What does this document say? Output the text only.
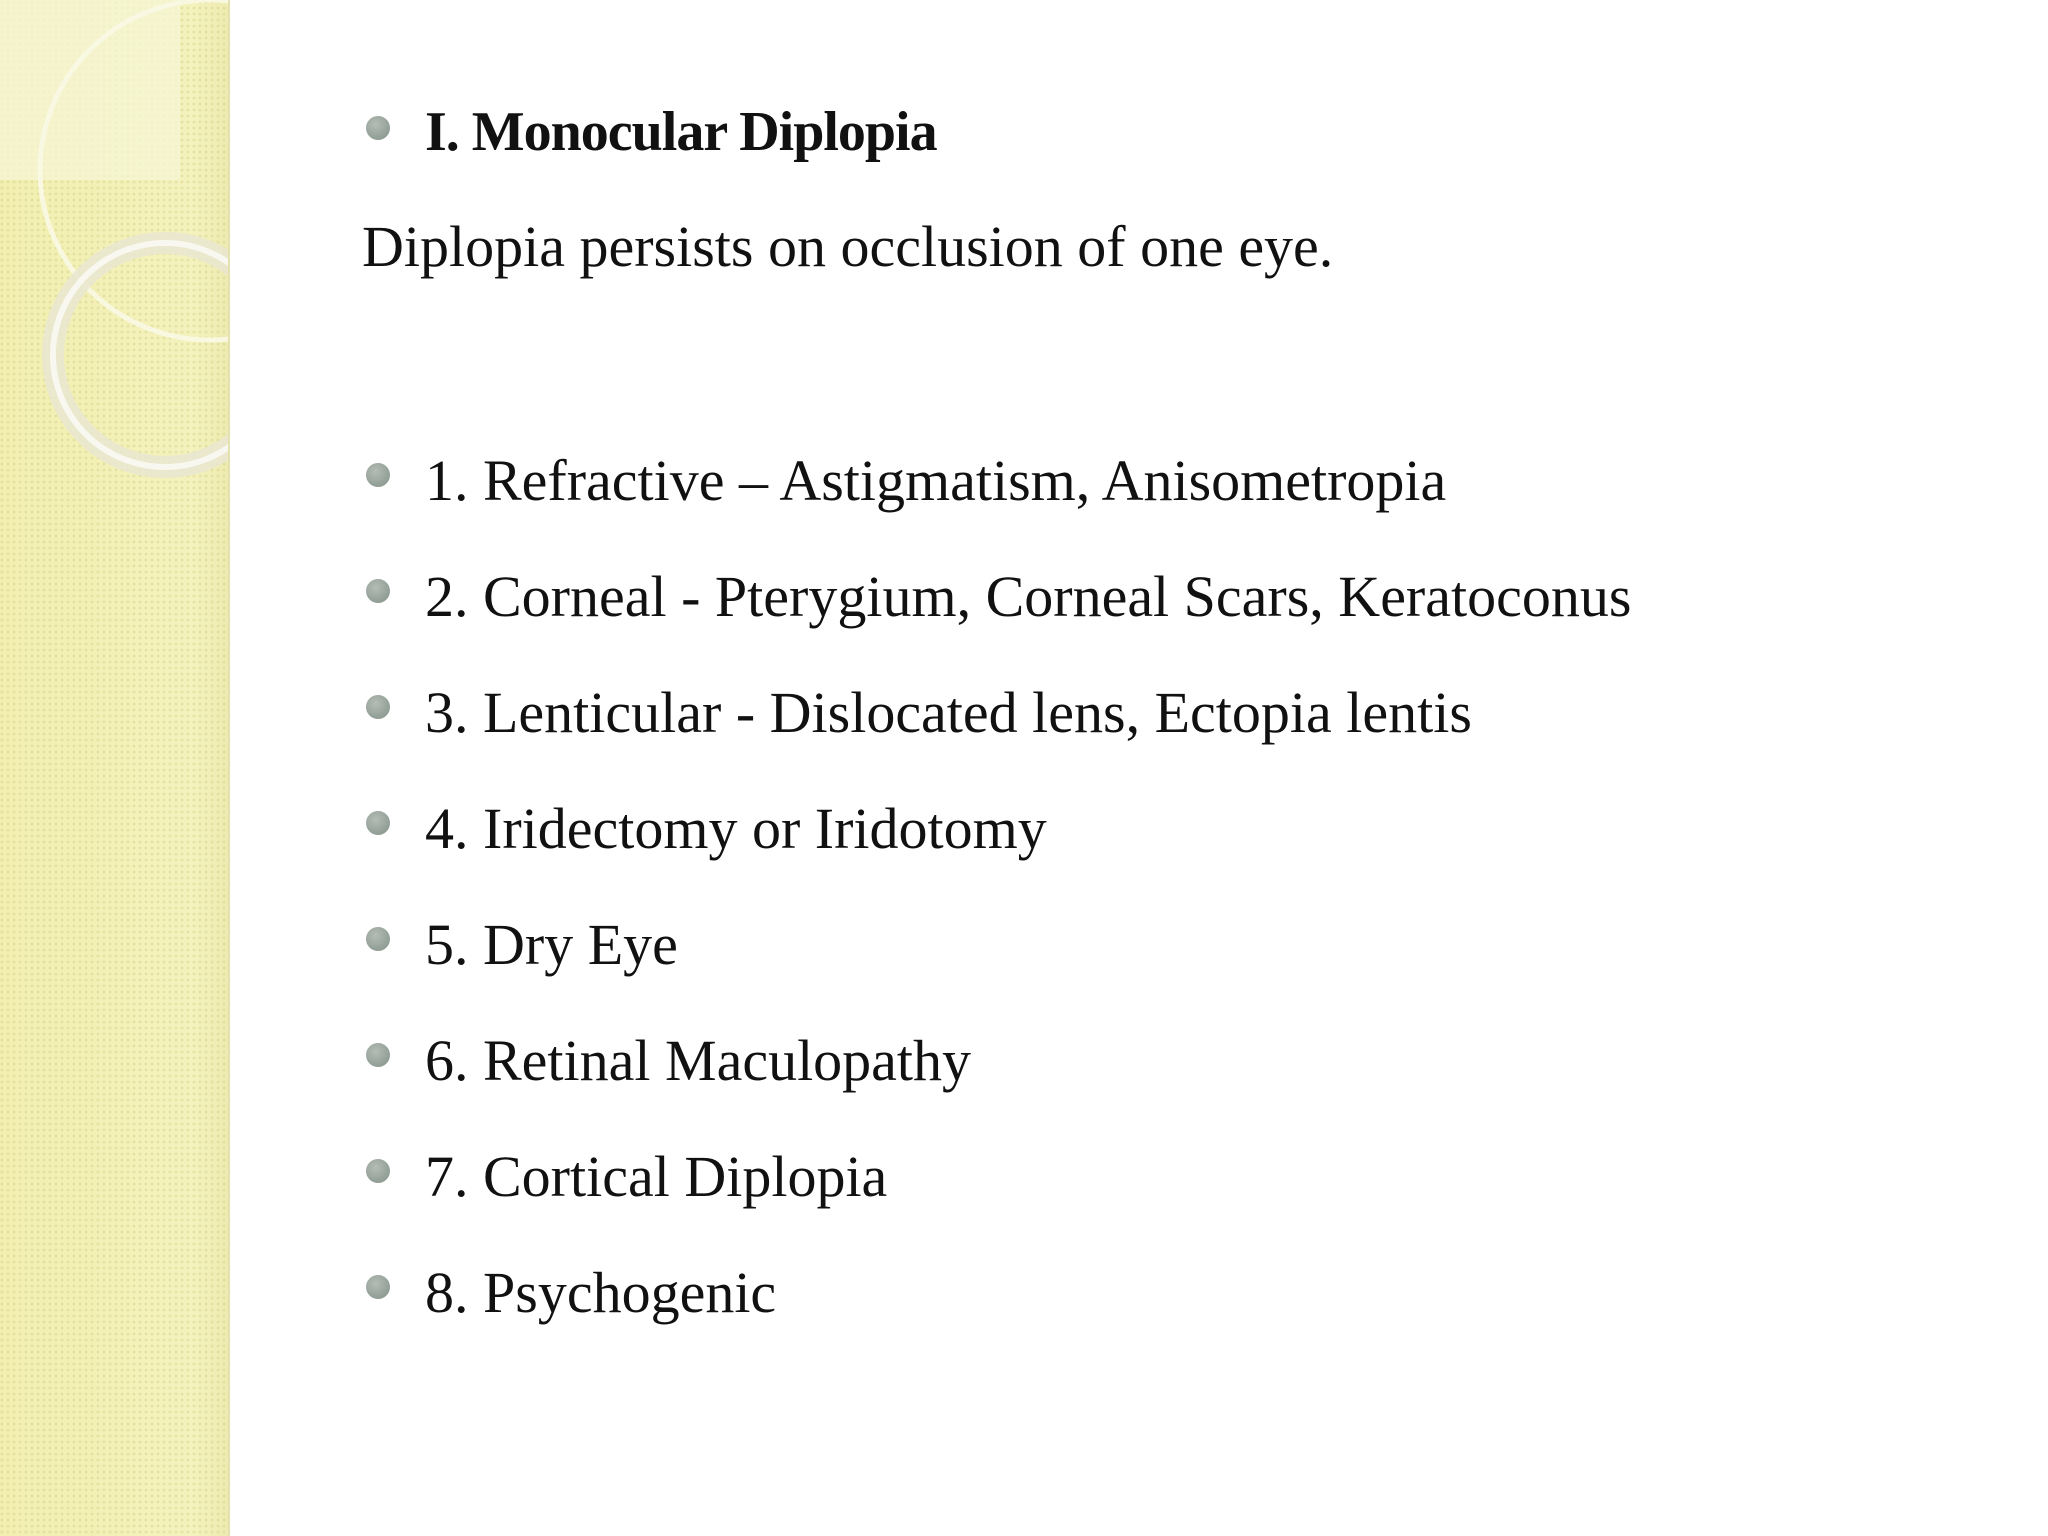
I. Monocular Diplopia
Diplopia persists on occlusion of one eye.
1. Refractive – Astigmatism, Anisometropia
2. Corneal - Pterygium, Corneal Scars, Keratoconus
3. Lenticular - Dislocated lens, Ectopia lentis
4. Iridectomy or Iridotomy
5. Dry Eye
6. Retinal Maculopathy
7. Cortical Diplopia
8. Psychogenic
